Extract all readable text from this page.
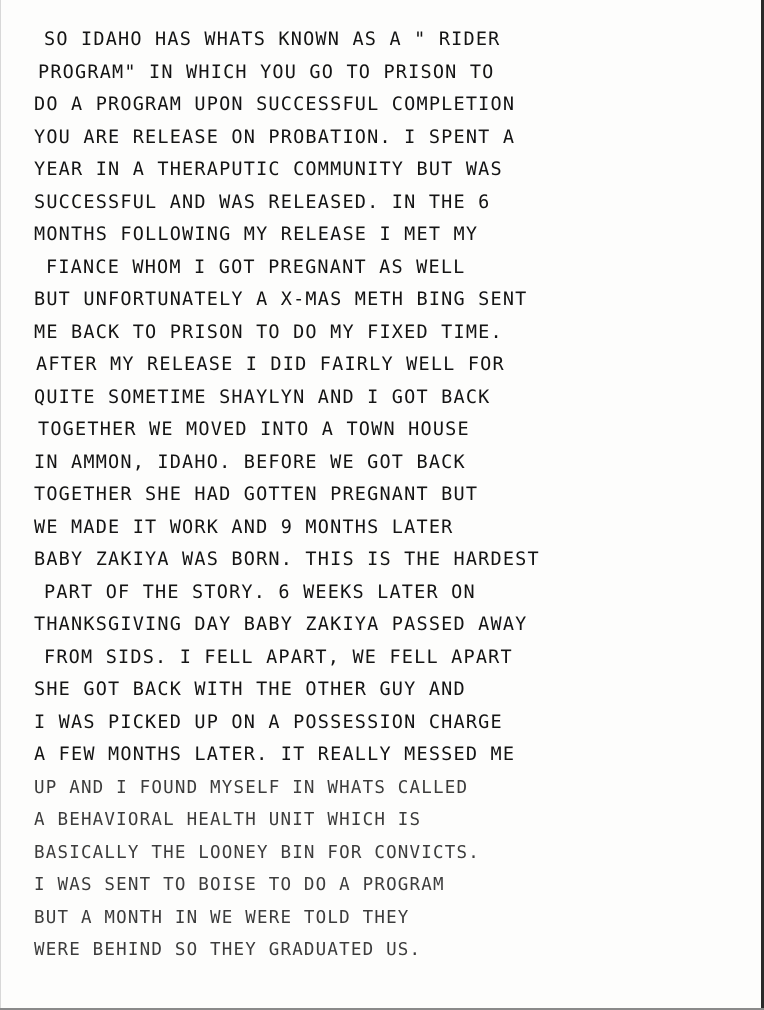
SO IDAHO HAS WHATS KNOWN AS A " RIDER
PROGRAM" IN WHICH YOU GO TO PRISON TO
DO A PROGRAM UPON SUCCESSFUL COMPLETION
YOU ARE RELEASE ON PROBATION. I SPENT A
YEAR IN A THERAPUTIC COMMUNITY BUT WAS
SUCCESSFUL AND WAS RELEASED. IN THE 6
MONTHS FOLLOWING MY RELEASE I MET MY
FIANCE WHOM I GOT PREGNANT AS WELL
BUT UNFORTUNATELY A X-MAS METH BING SENT
ME BACK TO PRISON TO DO MY FIXED TIME.
AFTER MY RELEASE I DID FAIRLY WELL FOR
QUITE SOMETIME SHAYLYN AND I GOT BACK
TOGETHER WE MOVED INTO A TOWN HOUSE
IN AMMON, IDAHO. BEFORE WE GOT BACK
TOGETHER SHE HAD GOTTEN PREGNANT BUT
WE MADE IT WORK AND 9 MONTHS LATER
BABY ZAKIYA WAS BORN. THIS IS THE HARDEST
PART OF THE STORY. 6 WEEKS LATER ON
THANKSGIVING DAY BABY ZAKIYA PASSED AWAY
FROM SIDS. I FELL APART, WE FELL APART
SHE GOT BACK WITH THE OTHER GUY AND
I WAS PICKED UP ON A POSSESSION CHARGE
A FEW MONTHS LATER. IT REALLY MESSED ME
UP AND I FOUND MYSELF IN WHATS CALLED
A BEHAVIORAL HEALTH UNIT WHICH IS
BASICALLY THE LOONEY BIN FOR CONVICTS.
I WAS SENT TO BOISE TO DO A PROGRAM
BUT A MONTH IN WE WERE TOLD THEY
WERE BEHIND SO THEY GRADUATED US.
